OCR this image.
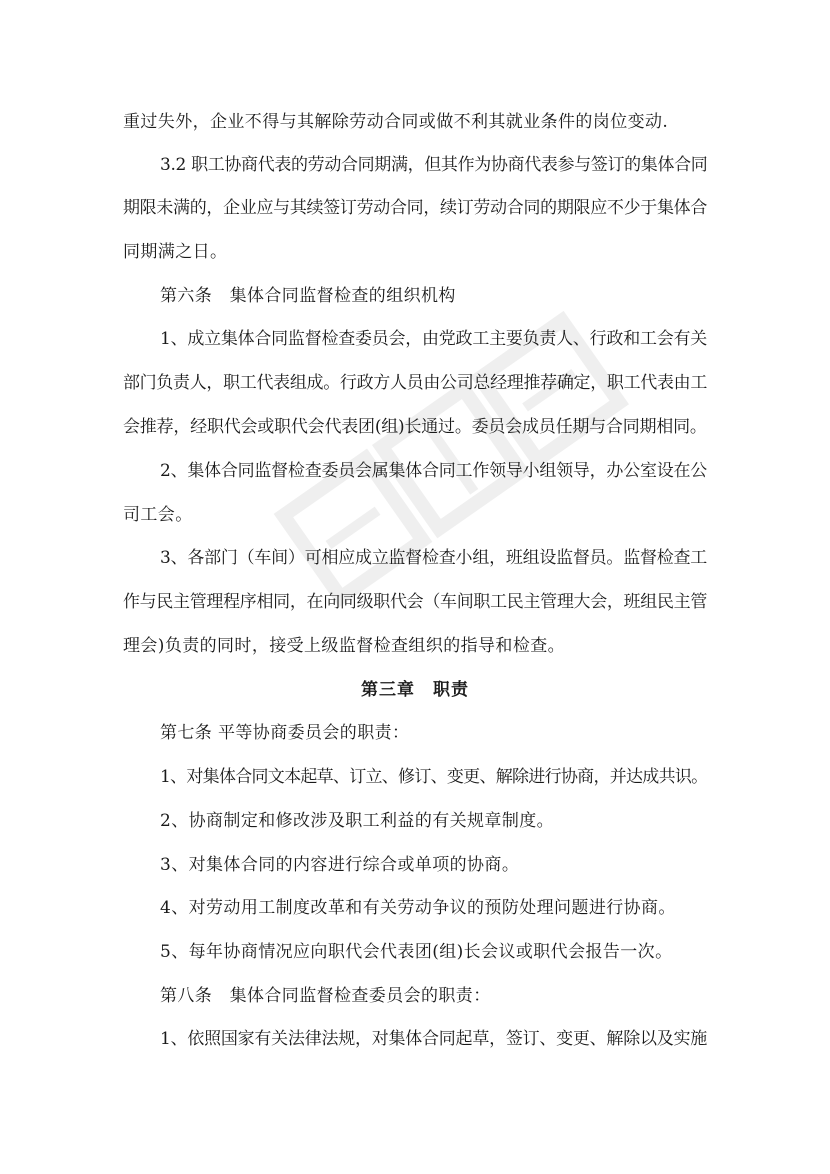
重过失外，企业不得与其解除劳动合同或做不利其就业条件的岗位变动.
3.2 职工协商代表的劳动合同期满，但其作为协商代表参与签订的集体合同
期限未满的，企业应与其续签订劳动合同，续订劳动合同的期限应不少于集体合
同期满之日。
第六条　集体合同监督检查的组织机构
1、成立集体合同监督检查委员会，由党政工主要负责人、行政和工会有关
部门负责人，职工代表组成。行政方人员由公司总经理推荐确定，职工代表由工
会推荐，经职代会或职代会代表团(组)长通过。委员会成员任期与合同期相同。
2、集体合同监督检查委员会属集体合同工作领导小组领导，办公室设在公
司工会。
3、各部门（车间）可相应成立监督检查小组，班组设监督员。监督检查工
作与民主管理程序相同，在向同级职代会（车间职工民主管理大会，班组民主管
理会)负责的同时，接受上级监督检查组织的指导和检查。
第三章　职责
第七条 平等协商委员会的职责：
1、对集体合同文本起草、订立、修订、变更、解除进行协商，并达成共识。
2、协商制定和修改涉及职工利益的有关规章制度。
3、对集体合同的内容进行综合或单项的协商。
4、对劳动用工制度改革和有关劳动争议的预防处理问题进行协商。
5、每年协商情况应向职代会代表团(组)长会议或职代会报告一次。
第八条　集体合同监督检查委员会的职责：
1、依照国家有关法律法规，对集体合同起草，签订、变更、解除以及实施
